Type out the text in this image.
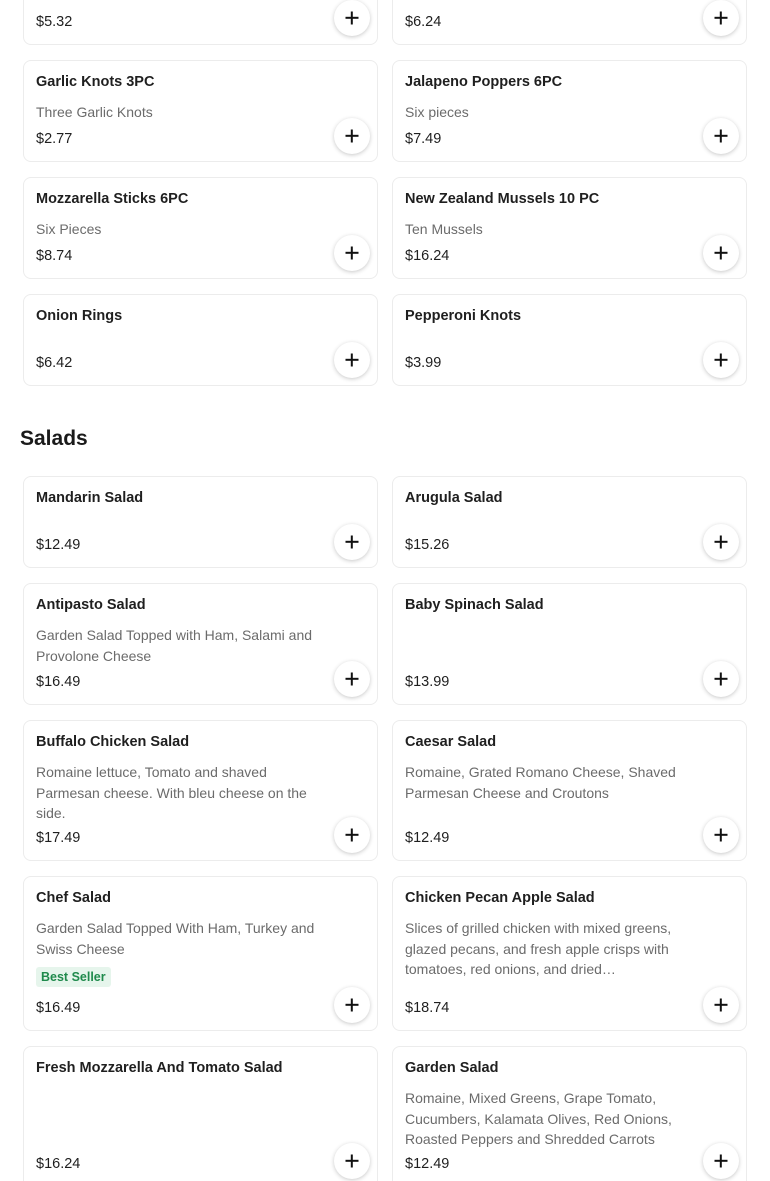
$5.32	$6.24
Garlic Knots 3PC
Three Garlic Knots
$2.77
Jalapeno Poppers 6PC
Six pieces
$7.49
Mozzarella Sticks 6PC
Six Pieces
$8.74
New Zealand Mussels 10 PC
Ten Mussels
$16.24
Onion Rings
$6.42
Pepperoni Knots
$3.99
Salads
Mandarin Salad
$12.49
Arugula Salad
$15.26
Antipasto Salad
Garden Salad Topped with Ham, Salami and Provolone Cheese
$16.49
Baby Spinach Salad
$13.99
Buffalo Chicken Salad
Romaine lettuce, Tomato and shaved Parmesan cheese. With bleu cheese on the side.
$17.49
Caesar Salad
Romaine, Grated Romano Cheese, Shaved Parmesan Cheese and Croutons
$12.49
Chef Salad
Garden Salad Topped With Ham, Turkey and Swiss Cheese
Best Seller
$16.49
Chicken Pecan Apple Salad
Slices of grilled chicken with mixed greens, glazed pecans, and fresh apple crisps with tomatoes, red onions, and dried…
$18.74
Fresh Mozzarella And Tomato Salad
$16.24
Garden Salad
Romaine, Mixed Greens, Grape Tomato, Cucumbers, Kalamata Olives, Red Onions, Roasted Peppers and Shredded Carrots
$12.49
